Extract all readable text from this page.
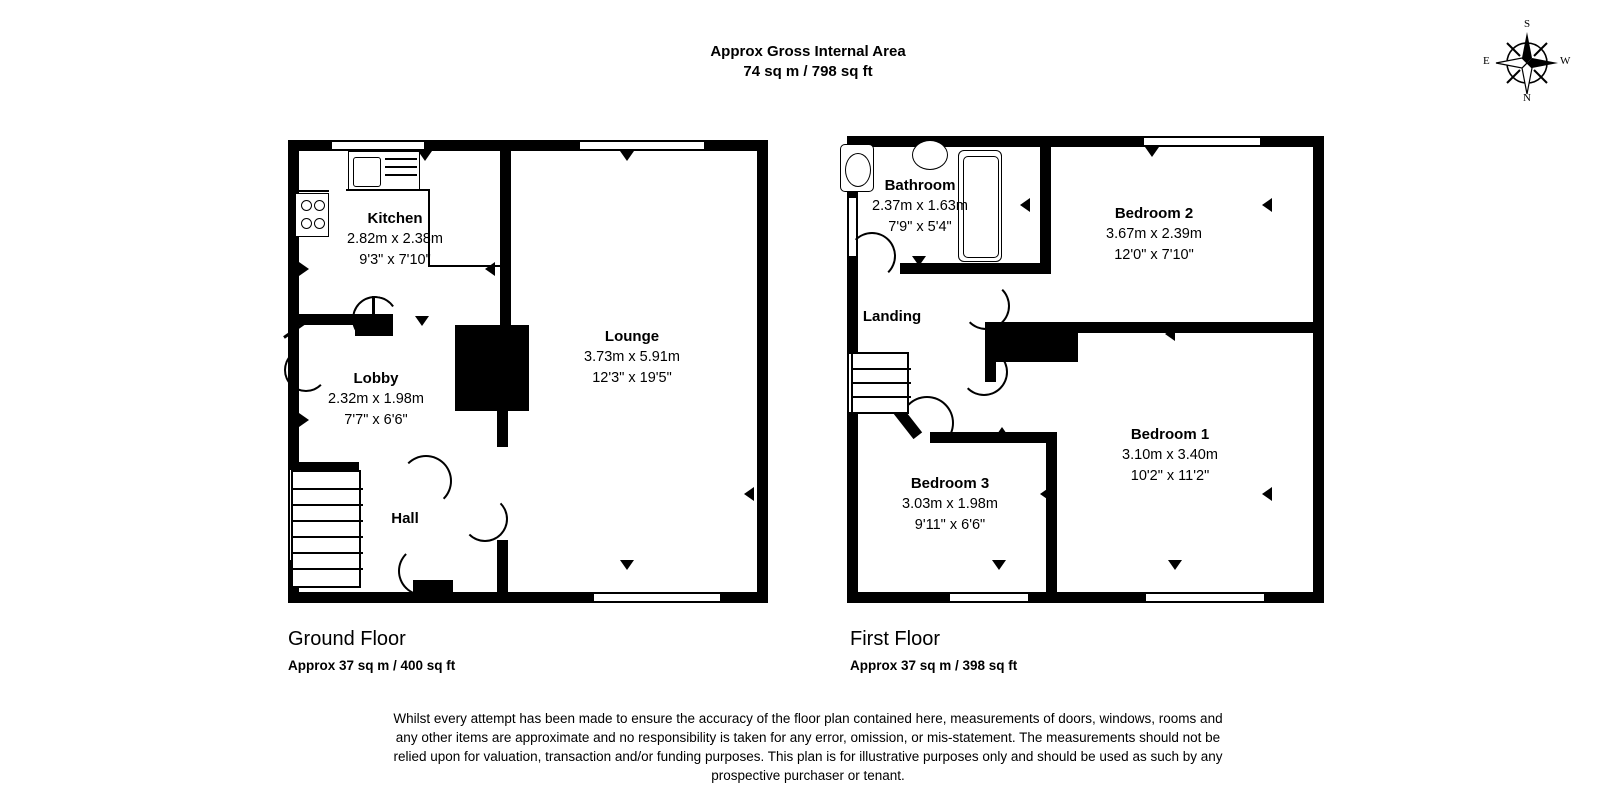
Approx Gross Internal Area
74 sq m / 798 sq ft
S
N
E	W
Kitchen
2.82m x 2.38m
9'3" x 7'10"
Lounge
3.73m x 5.91m
12'3" x 19'5"
Lobby
2.32m x 1.98m
7'7" x 6'6"
Hall
Ground Floor
Approx 37 sq m / 400 sq ft
Bathroom
2.37m x 1.63m
7'9" x 5'4"
Bedroom 2
3.67m x 2.39m
12'0" x 7'10"
Landing
Bedroom 1
3.10m x 3.40m
10'2" x 11'2"
Bedroom 3
3.03m x 1.98m
9'11" x 6'6"
First Floor
Approx 37 sq m / 398 sq ft
Whilst every attempt has been made to ensure the accuracy of the floor plan contained here, measurements of doors, windows, rooms and
any other items are approximate and no responsibility is taken for any error, omission, or mis-statement. The measurements should not be
relied upon for valuation, transaction and/or funding purposes. This plan is for illustrative purposes only and should be used as such by any
prospective purchaser or tenant.
